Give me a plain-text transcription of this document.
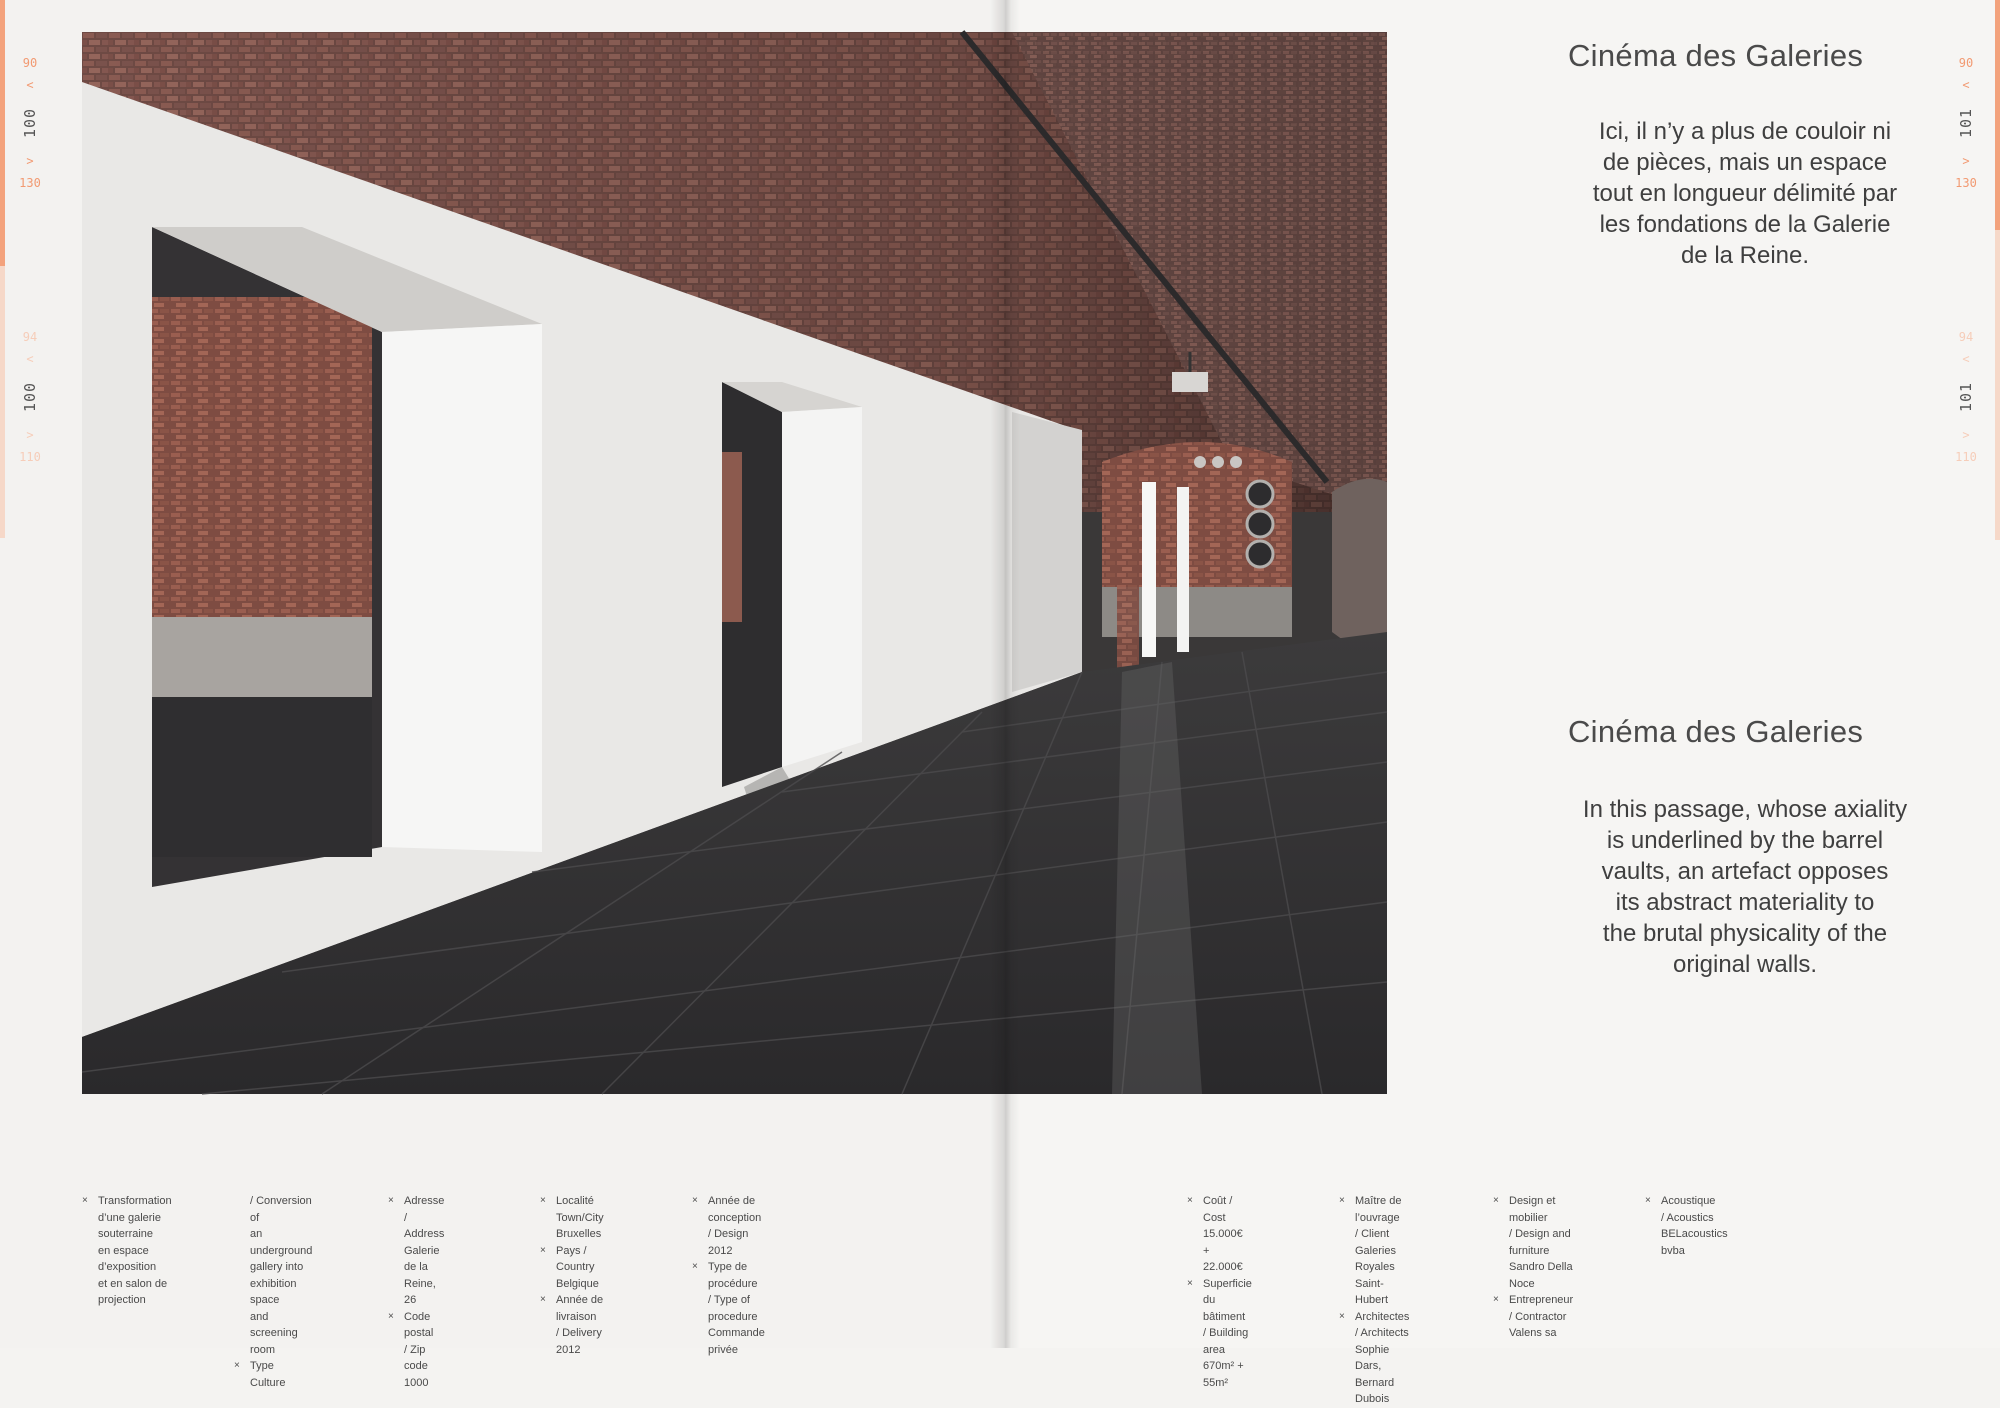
90
<
100
>
130
94
<
100
>
110
90
<
101
>
130
94
<
101
>
110
Cinéma des Galeries
Ici, il n’y a plus de couloir ni
de pièces, mais un espace
tout en longueur délimité par
les fondations de la Galerie
de la Reine.
Cinéma des Galeries
In this passage, whose axiality
is underlined by the barrel
vaults, an artefact opposes
its abstract materiality to
the brutal physicality of the
original walls.
× Transformation
d’une galerie
souterraine
en espace
d’exposition
et en salon de
projection
/ Conversion of
an underground
gallery into
exhibition space
and screening
room
× Type
Culture
× Adresse / Address
Galerie de la
Reine, 26
× Code postal
/ Zip code
1000
× Localité
Town/City
Bruxelles
× Pays / Country
Belgique
× Année de livraison
/ Delivery
2012
× Année de
conception
/ Design
2012
× Type de procédure
/ Type of
procedure
Commande privée
× Coût / Cost
15.000€ + 22.000€
× Superficie du
bâtiment
/ Building area
670m² + 55m²
× Maître de l’ouvrage
/ Client
Galeries Royales
Saint-Hubert
× Architectes
/ Architects
Sophie Dars,
Bernard Dubois
× Design et mobilier
/ Design and
furniture
Sandro Della Noce
× Entrepreneur
/ Contractor
Valens sa
× Acoustique
/ Acoustics
BELacoustics bvba
